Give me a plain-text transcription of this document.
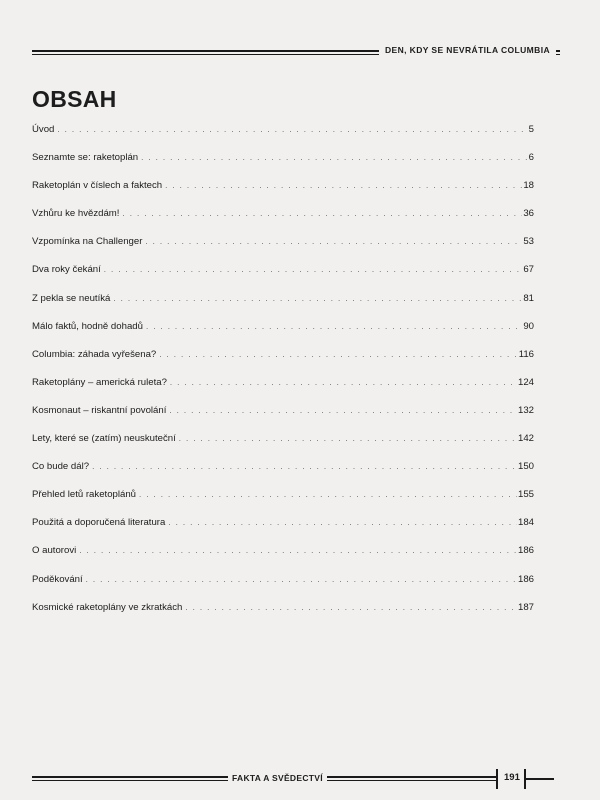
DEN, KDY SE NEVRÁTILA COLUMBIA
OBSAH
Úvod . . .	5
Seznamte se: raketoplán . . .	6
Raketoplán v číslech a faktech . . .	18
Vzhůru ke hvězdám! . . .	36
Vzpomínka na Challenger . . .	53
Dva roky čekání . . .	67
Z pekla se neutíká . . .	81
Málo faktů, hodně dohadů . . .	90
Columbia: záhada vyřešena? . . .	116
Raketoplány – americká ruleta? . . .	124
Kosmonaut – riskantní povolání . . .	132
Lety, které se (zatím) neuskuteční . . .	142
Co bude dál? . . .	150
Přehled letů raketoplánů . . .	155
Použitá a doporučená literatura . . .	184
O autorovi . . .	186
Poděkování . . .	186
Kosmické raketoplány ve zkratkách . . .	187
FAKTA A SVĚDECTVÍ	191
